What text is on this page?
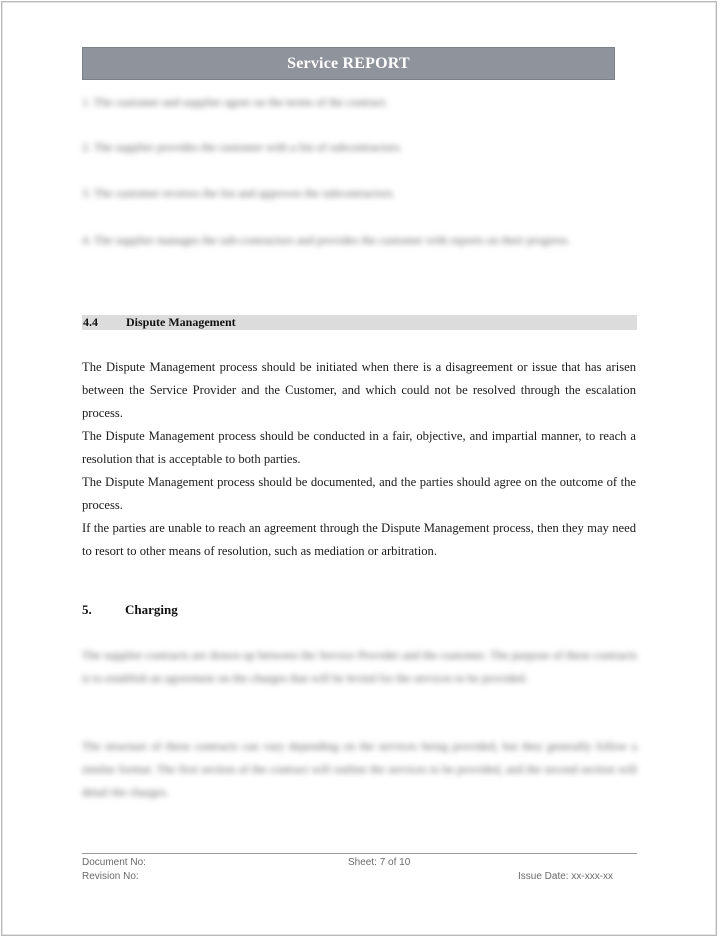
Service REPORT
1. The customer and supplier agree on the terms of the contract.
2. The supplier provides the customer with a list of subcontractors.
3. The customer reviews the list and approves the subcontractors.
4. The supplier manages the sub-contractors and provides the customer with reports on their progress.
4.4	Dispute Management

The Dispute Management process should be initiated when there is a disagreement or issue that has arisen between the Service Provider and the Customer, and which could not be resolved through the escalation process.

The Dispute Management process should be conducted in a fair, objective, and impartial manner, to reach a resolution that is acceptable to both parties.

The Dispute Management process should be documented, and the parties should agree on the outcome of the process.

If the parties are unable to reach an agreement through the Dispute Management process, then they may need to resort to other means of resolution, such as mediation or arbitration.

5.	Charging
The supplier contracts are drawn up between the Service Provider and the customer. The purpose of these contracts is to establish an agreement on the charges that will be levied for the services to be provided.
The structure of these contracts can vary depending on the services being provided, but they generally follow a similar format. The first section of the contract will outline the services to be provided, and the second section will detail the charges.
Document No:
Revision No:
Sheet: 7 of 10
Issue Date: xx-xxx-xx
